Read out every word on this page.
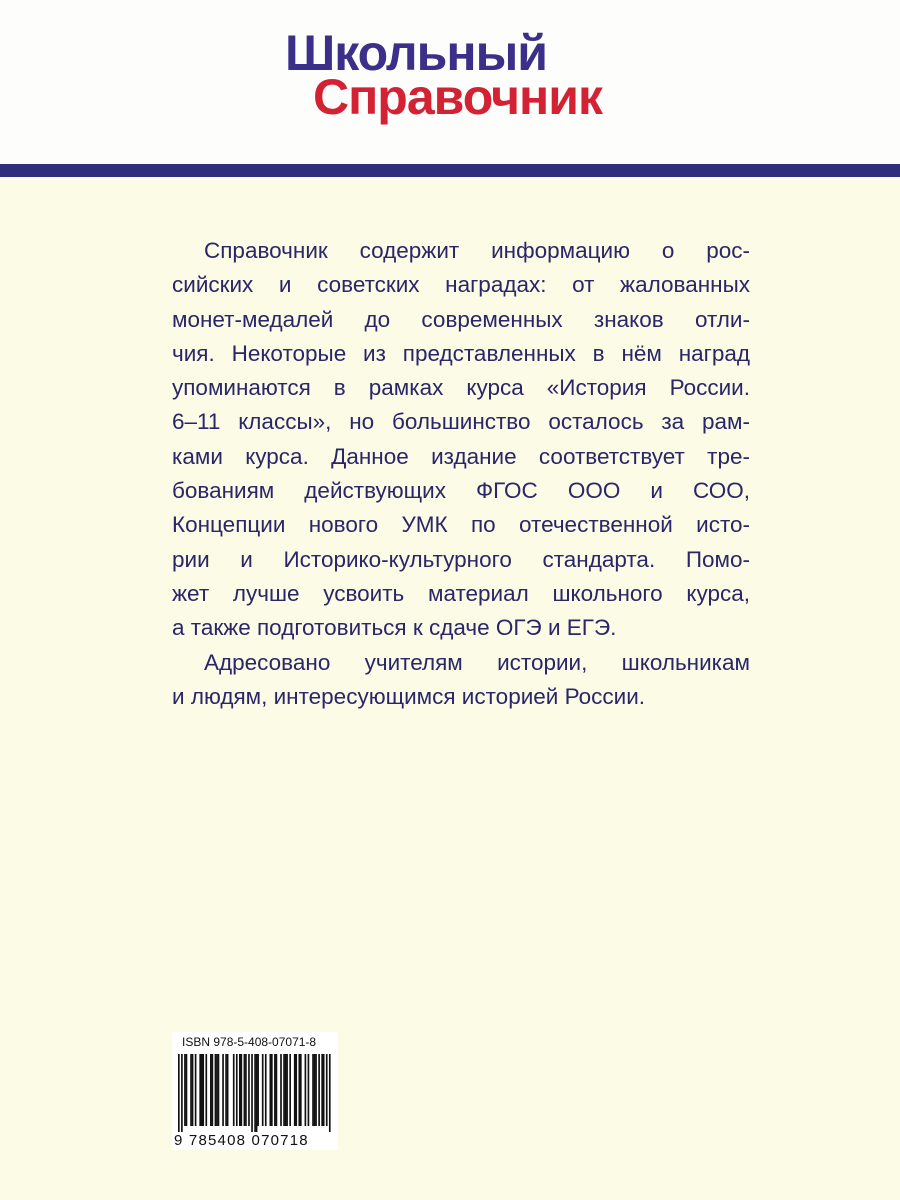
Школьный
Справочник
Справочник содержит информацию о рос-
сийских и советских наградах: от жалованных
монет-медалей до современных знаков отли-
чия. Некоторые из представленных в нём наград
упоминаются в рамках курса «История России.
6–11 классы», но большинство осталось за рам-
ками курса. Данное издание соответствует тре-
бованиям действующих ФГОС ООО и СОО,
Концепции нового УМК по отечественной исто-
рии и Историко-культурного стандарта. Помо-
жет лучше усвоить материал школьного курса,
а также подготовиться к сдаче ОГЭ и ЕГЭ.
Адресовано учителям истории, школьникам
и людям, интересующимся историей России.
ISBN 978-5-408-07071-8
9 785408 070718
